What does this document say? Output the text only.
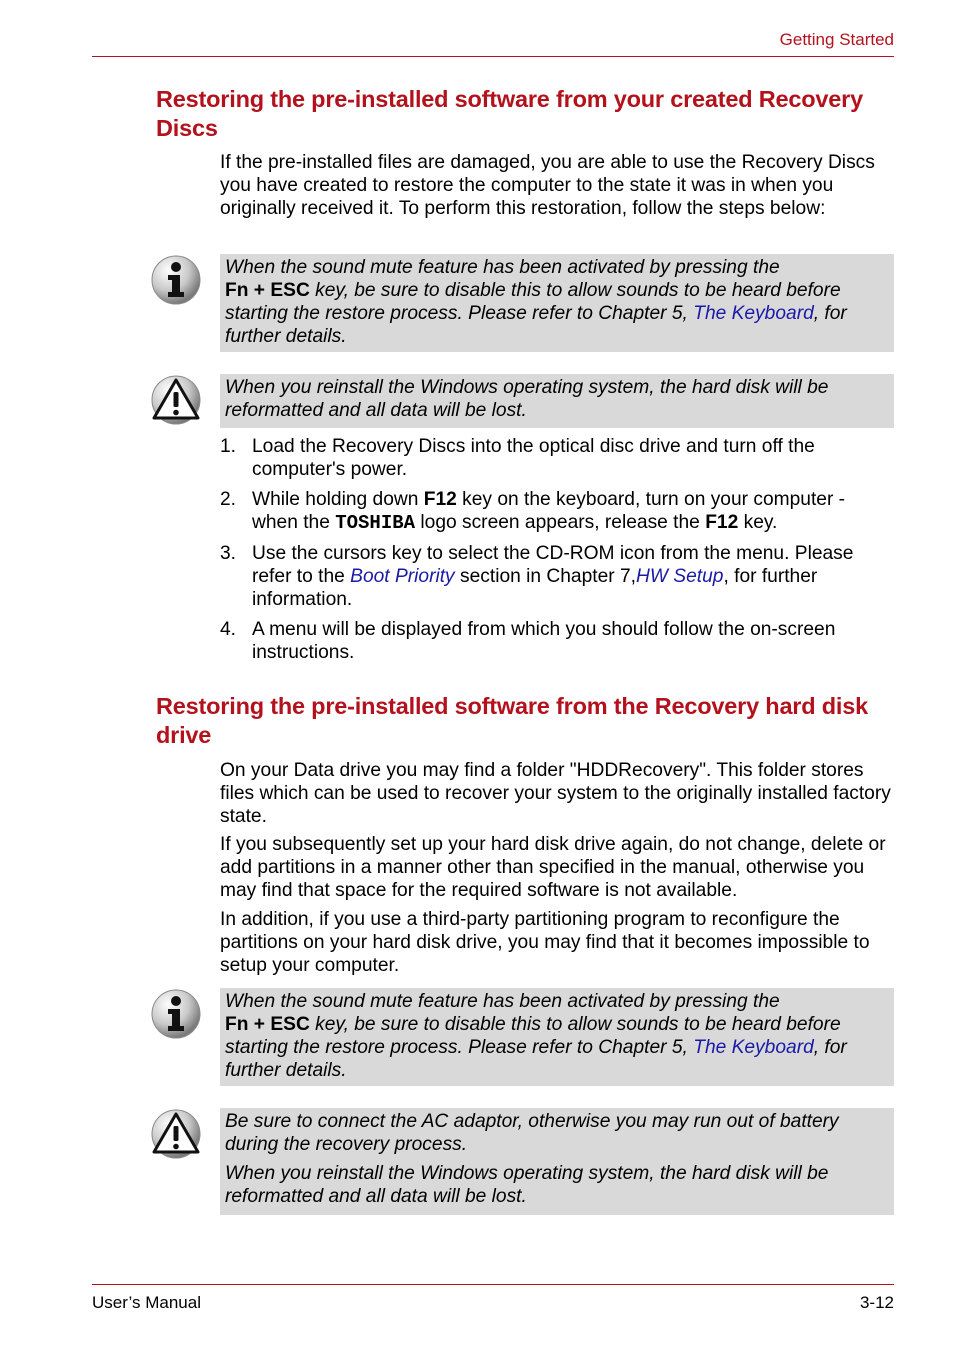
Getting Started
Restoring the pre-installed software from your created Recovery Discs

If the pre-installed files are damaged, you are able to use the Recovery Discs you have created to restore the computer to the state it was in when you originally received it. To perform this restoration, follow the steps below:

When the sound mute feature has been activated by pressing the
Fn + ESC key, be sure to disable this to allow sounds to be heard before starting the restore process. Please refer to Chapter 5, The Keyboard, for further details.

When you reinstall the Windows operating system, the hard disk will be reformatted and all data will be lost.

1. Load the Recovery Discs into the optical disc drive and turn off the computer's power.
2. While holding down F12 key on the keyboard, turn on your computer - when the TOSHIBA logo screen appears, release the F12 key.
3. Use the cursors key to select the CD-ROM icon from the menu. Please refer to the Boot Priority section in Chapter 7,HW Setup, for further information.
4. A menu will be displayed from which you should follow the on-screen instructions.
Restoring the pre-installed software from the Recovery hard disk drive

On your Data drive you may find a folder "HDDRecovery". This folder stores files which can be used to recover your system to the originally installed factory state.

If you subsequently set up your hard disk drive again, do not change, delete or add partitions in a manner other than specified in the manual, otherwise you may find that space for the required software is not available.

In addition, if you use a third-party partitioning program to reconfigure the partitions on your hard disk drive, you may find that it becomes impossible to setup your computer.

When the sound mute feature has been activated by pressing the
Fn + ESC key, be sure to disable this to allow sounds to be heard before starting the restore process. Please refer to Chapter 5, The Keyboard, for further details.

Be sure to connect the AC adaptor, otherwise you may run out of battery during the recovery process.

When you reinstall the Windows operating system, the hard disk will be reformatted and all data will be lost.

User’s Manual	3-12
